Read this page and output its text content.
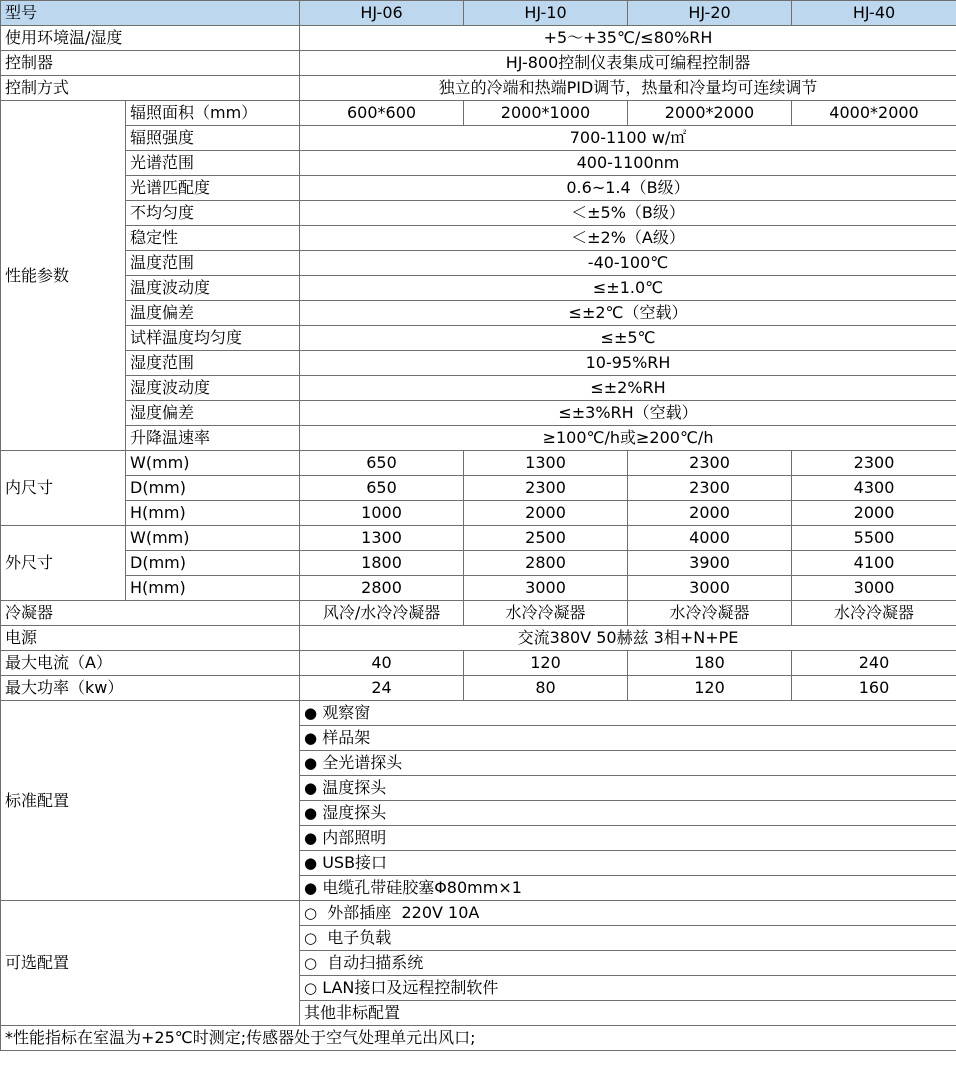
型号		HJ-06	HJ-10	HJ-20	HJ-40
使用环境温/湿度		+5～+35℃/≤80%RH			
控制器		HJ-800控制仪表集成可编程控制器			
控制方式		独立的冷端和热端PID调节，热量和冷量均可连续调节			
性能参数	辐照面积（mm）	600*600	2000*1000	2000*2000	4000*2000
	辐照强度	700-1100 w/㎡			
	光谱范围	400-1100nm			
	光谱匹配度	0.6~1.4（B级）			
	不均匀度	＜±5%（B级）			
	稳定性	＜±2%（A级）			
	温度范围	-40-100℃			
	温度波动度	≤±1.0℃			
	温度偏差	≤±2℃（空载）			
	试样温度均匀度	≤±5℃			
	湿度范围	10-95%RH			
	湿度波动度	≤±2%RH			
	湿度偏差	≤±3%RH（空载）			
	升降温速率	≥100℃/h或≥200℃/h			
内尺寸	W(mm)	650	1300	2300	2300
	D(mm)	650	2300	2300	4300
	H(mm)	1000	2000	2000	2000
外尺寸	W(mm)	1300	2500	4000	5500
	D(mm)	1800	2800	3900	4100
	H(mm)	2800	3000	3000	3000
冷凝器		风冷/水冷冷凝器	水冷冷凝器	水冷冷凝器	水冷冷凝器
电源		交流380V 50赫兹 3相+N+PE			
最大电流（A）		40	120	180	240
最大功率（kw）		24	80	120	160
标准配置		● 观察窗			
		● 样品架			
		● 全光谱探头			
		● 温度探头			
		● 湿度探头			
		● 内部照明			
		● USB接口			
		● 电缆孔带硅胶塞Φ80mm×1			
可选配置		○ 外部插座  220V 10A			
		○ 电子负载			
		○ 自动扫描系统			
		○ LAN接口及远程控制软件			
		其他非标配置			
*性能指标在室温为+25℃时测定;传感器处于空气处理单元出风口;					
